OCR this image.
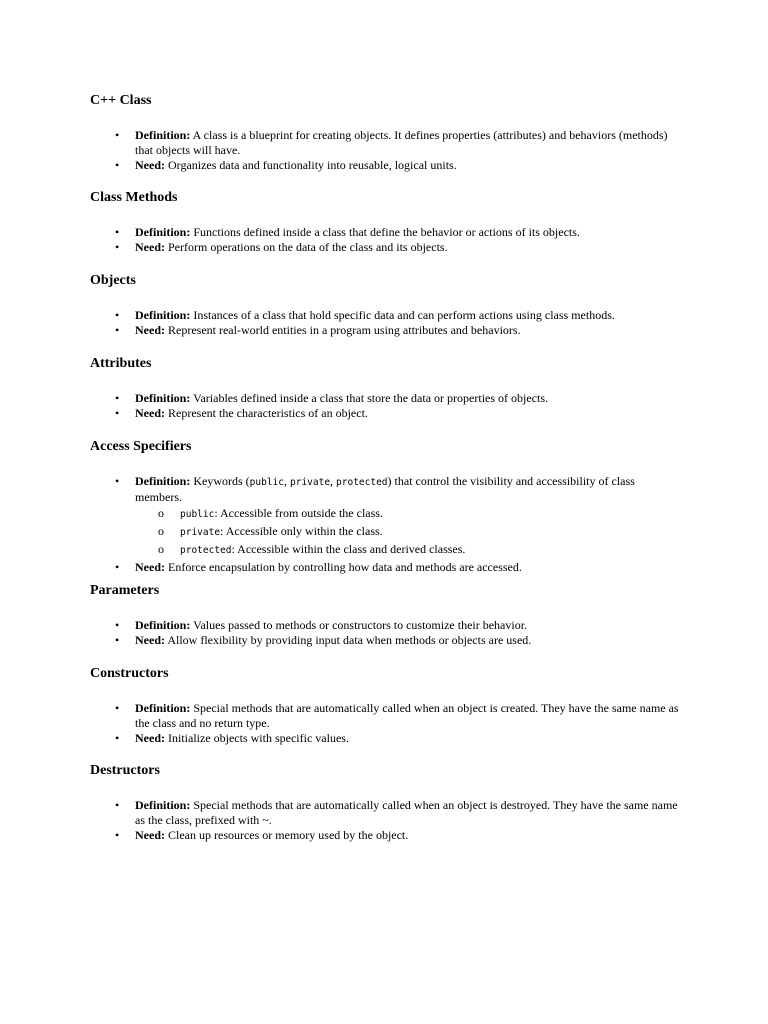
C++ Class
• Definition: A class is a blueprint for creating objects. It defines properties (attributes) and behaviors (methods) that objects will have.
• Need: Organizes data and functionality into reusable, logical units.
Class Methods
• Definition: Functions defined inside a class that define the behavior or actions of its objects.
• Need: Perform operations on the data of the class and its objects.
Objects
• Definition: Instances of a class that hold specific data and can perform actions using class methods.
• Need: Represent real-world entities in a program using attributes and behaviors.
Attributes
• Definition: Variables defined inside a class that store the data or properties of objects.
• Need: Represent the characteristics of an object.
Access Specifiers
• Definition: Keywords (public, private, protected) that control the visibility and accessibility of class members.
o public: Accessible from outside the class.
o private: Accessible only within the class.
o protected: Accessible within the class and derived classes.
• Need: Enforce encapsulation by controlling how data and methods are accessed.
Parameters
• Definition: Values passed to methods or constructors to customize their behavior.
• Need: Allow flexibility by providing input data when methods or objects are used.
Constructors
• Definition: Special methods that are automatically called when an object is created. They have the same name as the class and no return type.
• Need: Initialize objects with specific values.
Destructors
• Definition: Special methods that are automatically called when an object is destroyed. They have the same name as the class, prefixed with ~.
• Need: Clean up resources or memory used by the object.
